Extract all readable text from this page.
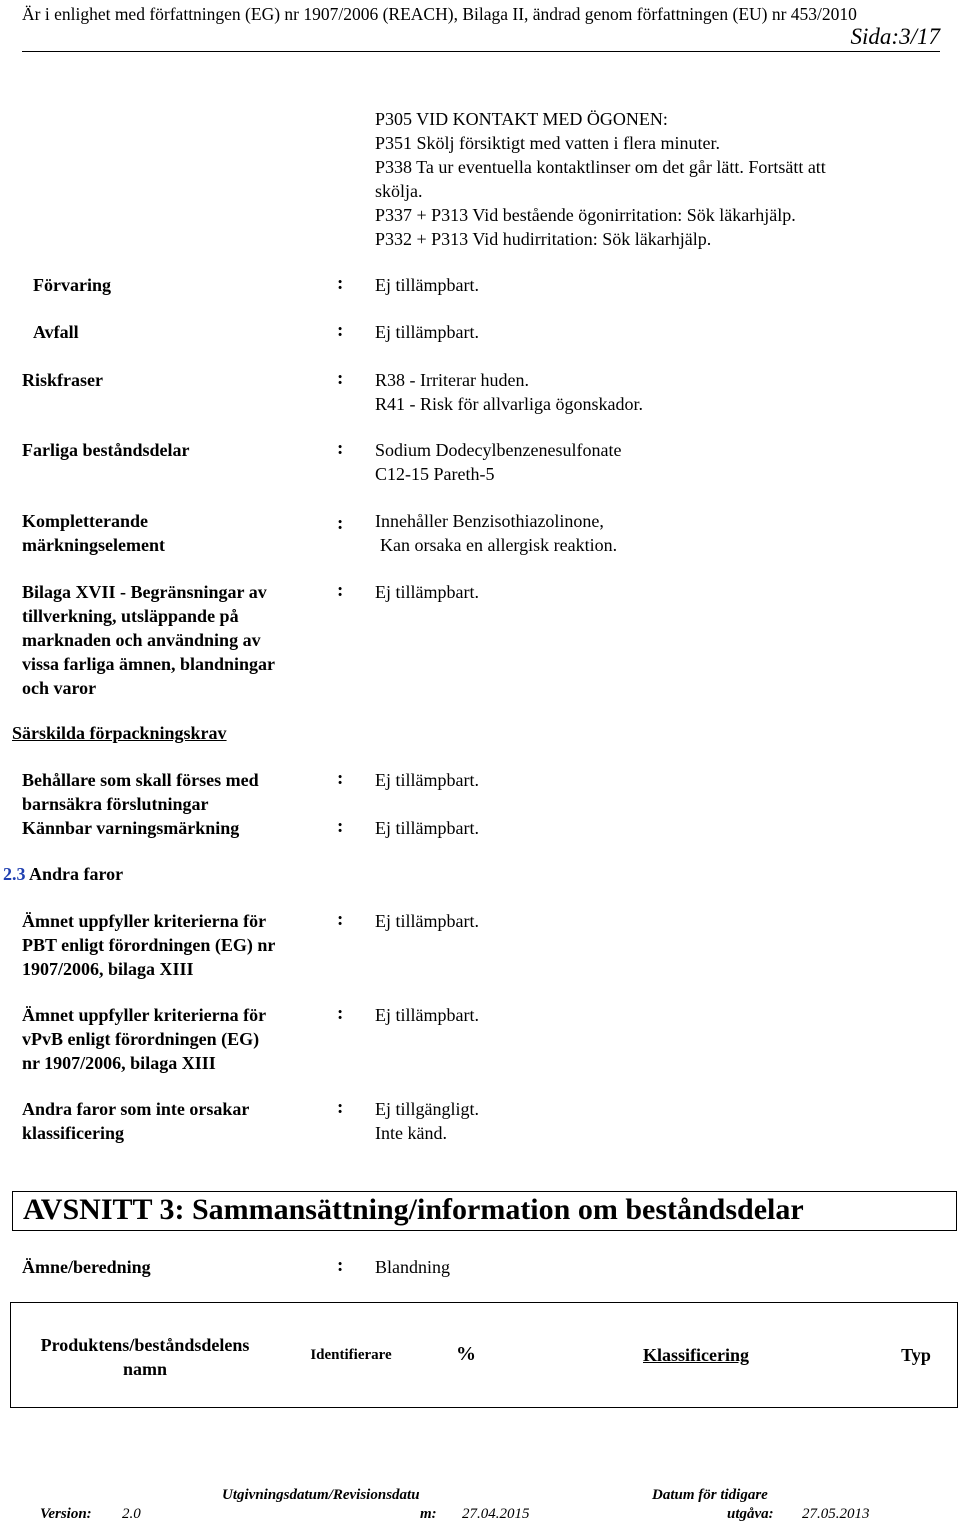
Är i enlighet med författningen (EG) nr 1907/2006 (REACH), Bilaga II, ändrad genom författningen (EU) nr 453/2010
Sida:3/17
P305 VID KONTAKT MED ÖGONEN:
P351 Skölj försiktigt med vatten i flera minuter.
P338 Ta ur eventuella kontaktlinser om det går lätt. Fortsätt att
skölja.
P337 + P313 Vid bestående ögonirritation: Sök läkarhjälp.
P332 + P313 Vid hudirritation: Sök läkarhjälp.
Förvaring	: Ej tillämpbart.
Avfall	: Ej tillämpbart.
Riskfraser	: R38 - Irriterar huden.
R41 - Risk för allvarliga ögonskador.
Farliga beståndsdelar	: Sodium Dodecylbenzenesulfonate
C12-15 Pareth-5
Kompletterande
märkningselement
: Innehåller Benzisothiazolinone,
Kan orsaka en allergisk reaktion.
Bilaga XVII - Begränsningar av
tillverkning, utsläppande på
marknaden och användning av
vissa farliga ämnen, blandningar
och varor
: Ej tillämpbart.
Särskilda förpackningskrav
Behållare som skall förses med
barnsäkra förslutningar
: Ej tillämpbart.
Kännbar varningsmärkning	: Ej tillämpbart.
2.3 Andra faror
Ämnet uppfyller kriterierna för
PBT enligt förordningen (EG) nr
1907/2006, bilaga XIII
: Ej tillämpbart.
Ämnet uppfyller kriterierna för
vPvB enligt förordningen (EG)
nr 1907/2006, bilaga XIII
: Ej tillämpbart.
Andra faror som inte orsakar
klassificering
: Ej tillgängligt.
Inte känd.
AVSNITT 3: Sammansättning/information om beståndsdelar
Ämne/beredning	: Blandning
Produktens/beståndsdelens
namn
Identifierare	%	Klassificering	Typ
Version: 2.0
Utgivningsdatum/Revisionsdatu
m: 27.04.2015
Datum för tidigare
utgåva: 27.05.2013
